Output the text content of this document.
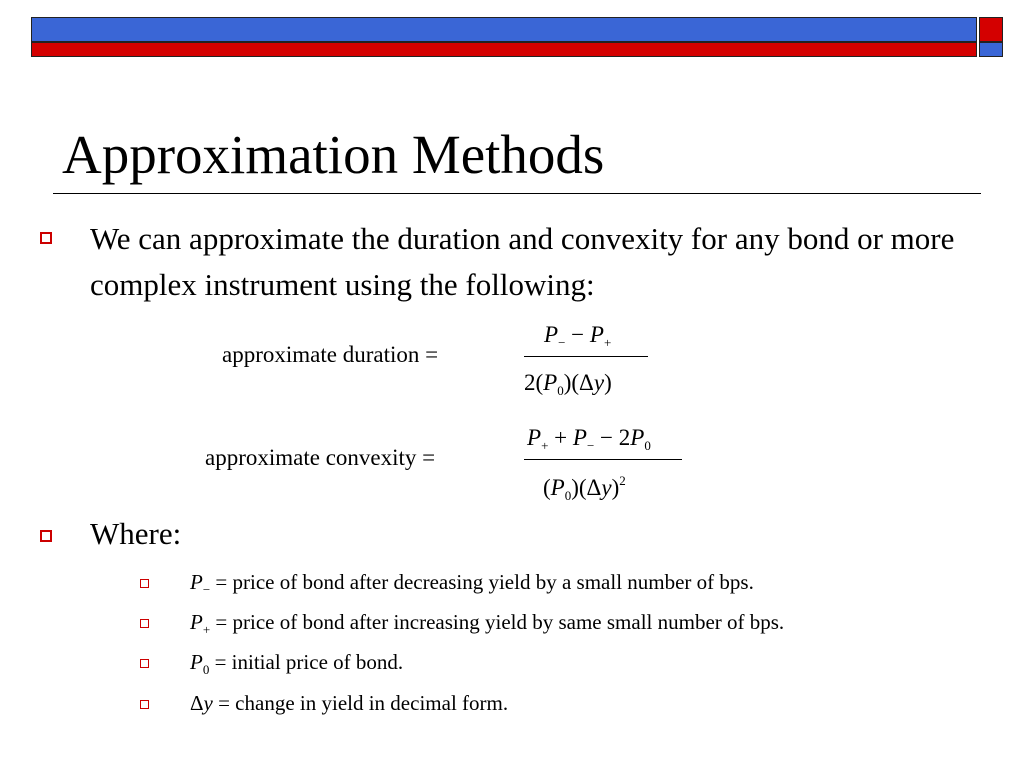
Approximation Methods
We can approximate the duration and convexity for any bond or more complex instrument using the following:
approximate duration =
$P_- - P_+$
$2(P_0)(\Delta y)$
approximate convexity =
$P_+ + P_- - 2P_0$
$(P_0)(\Delta y)^2$
Where:
$P_-$ = price of bond after decreasing yield by a small number of bps.
$P_+$ = price of bond after increasing yield by same small number of bps.
$P_0$ = initial price of bond.
Δy = change in yield in decimal form.
